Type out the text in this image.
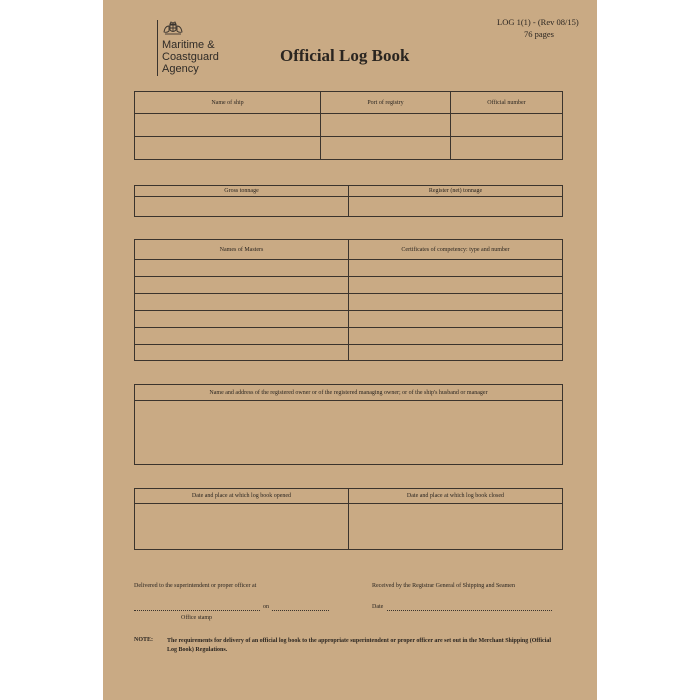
Maritime &
Coastguard
Agency
Official Log Book
LOG 1(1) - (Rev 08/15)
76 pages
Name of ship	Port of registry	Official number

Gross tonnage	Register (net) tonnage

Names of Masters	Certificates of competency: type and number

Name and address of the registered owner or of the registered managing owner; or of the ship's husband or manager

Date and place at which log book opened	Date and place at which log book closed

Delivered to the superintendent or proper officer at	Received by the Registrar General of Shipping and Seamen
on	Date
Office stamp
NOTE: The requirements for delivery of an official log book to the appropriate superintendent or proper officer are set out in the Merchant Shipping (Official Log Book) Regulations.
